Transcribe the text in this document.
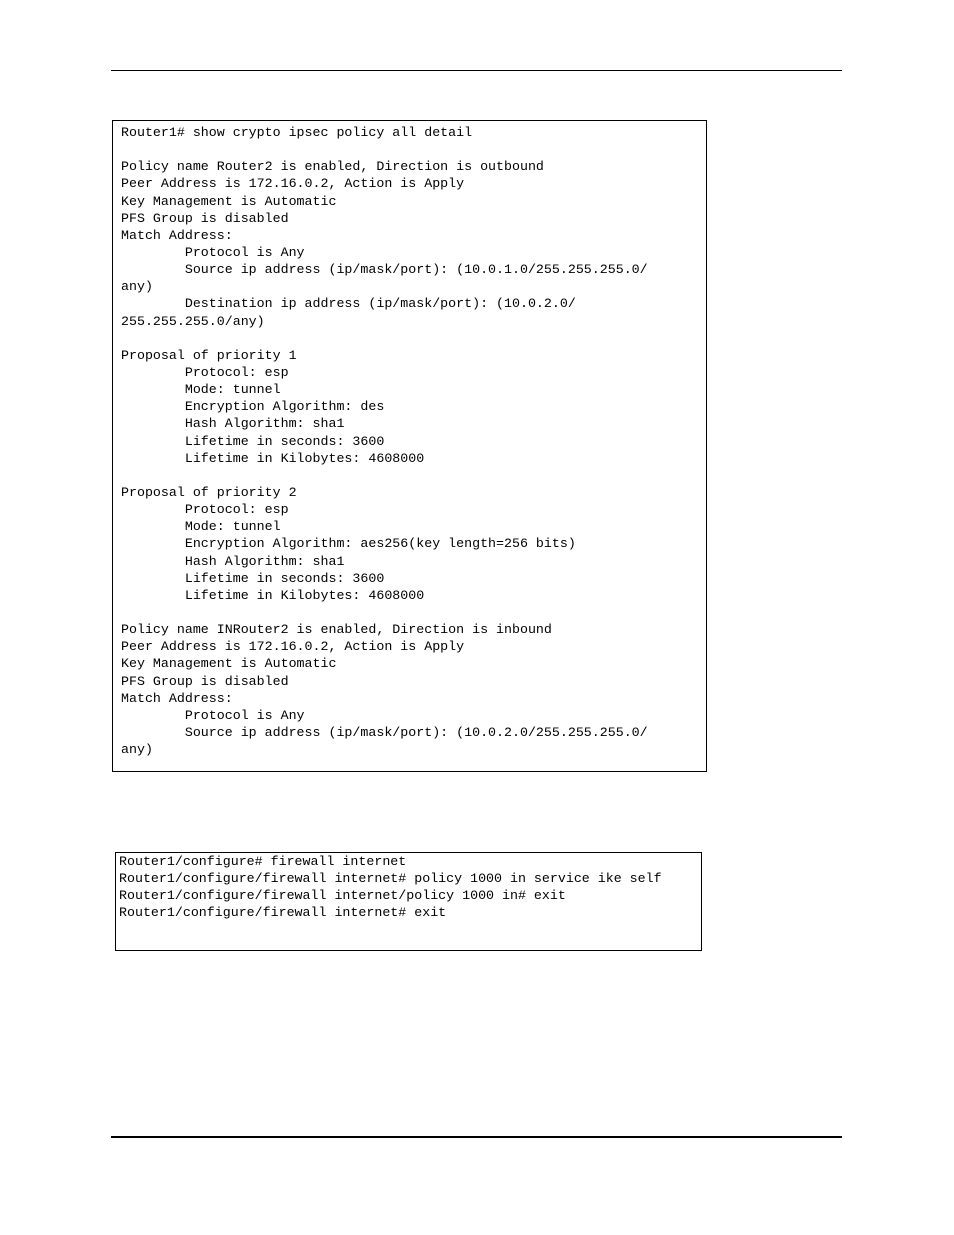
Router1# show crypto ipsec policy all detail
Policy name Router2 is enabled, Direction is outbound
Peer Address is 172.16.0.2, Action is Apply
Key Management is Automatic
PFS Group is disabled
Match Address:
Protocol is Any
Source ip address (ip/mask/port): (10.0.1.0/255.255.255.0/
any)
Destination ip address (ip/mask/port): (10.0.2.0/
255.255.255.0/any)
Proposal of priority 1
Protocol: esp
Mode: tunnel
Encryption Algorithm: des
Hash Algorithm: sha1
Lifetime in seconds: 3600
Lifetime in Kilobytes: 4608000
Proposal of priority 2
Protocol: esp
Mode: tunnel
Encryption Algorithm: aes256(key length=256 bits)
Hash Algorithm: sha1
Lifetime in seconds: 3600
Lifetime in Kilobytes: 4608000
Policy name INRouter2 is enabled, Direction is inbound
Peer Address is 172.16.0.2, Action is Apply
Key Management is Automatic
PFS Group is disabled
Match Address:
Protocol is Any
Source ip address (ip/mask/port): (10.0.2.0/255.255.255.0/
any)
Router1/configure# firewall internet
Router1/configure/firewall internet# policy 1000 in service ike self
Router1/configure/firewall internet/policy 1000 in# exit
Router1/configure/firewall internet# exit
